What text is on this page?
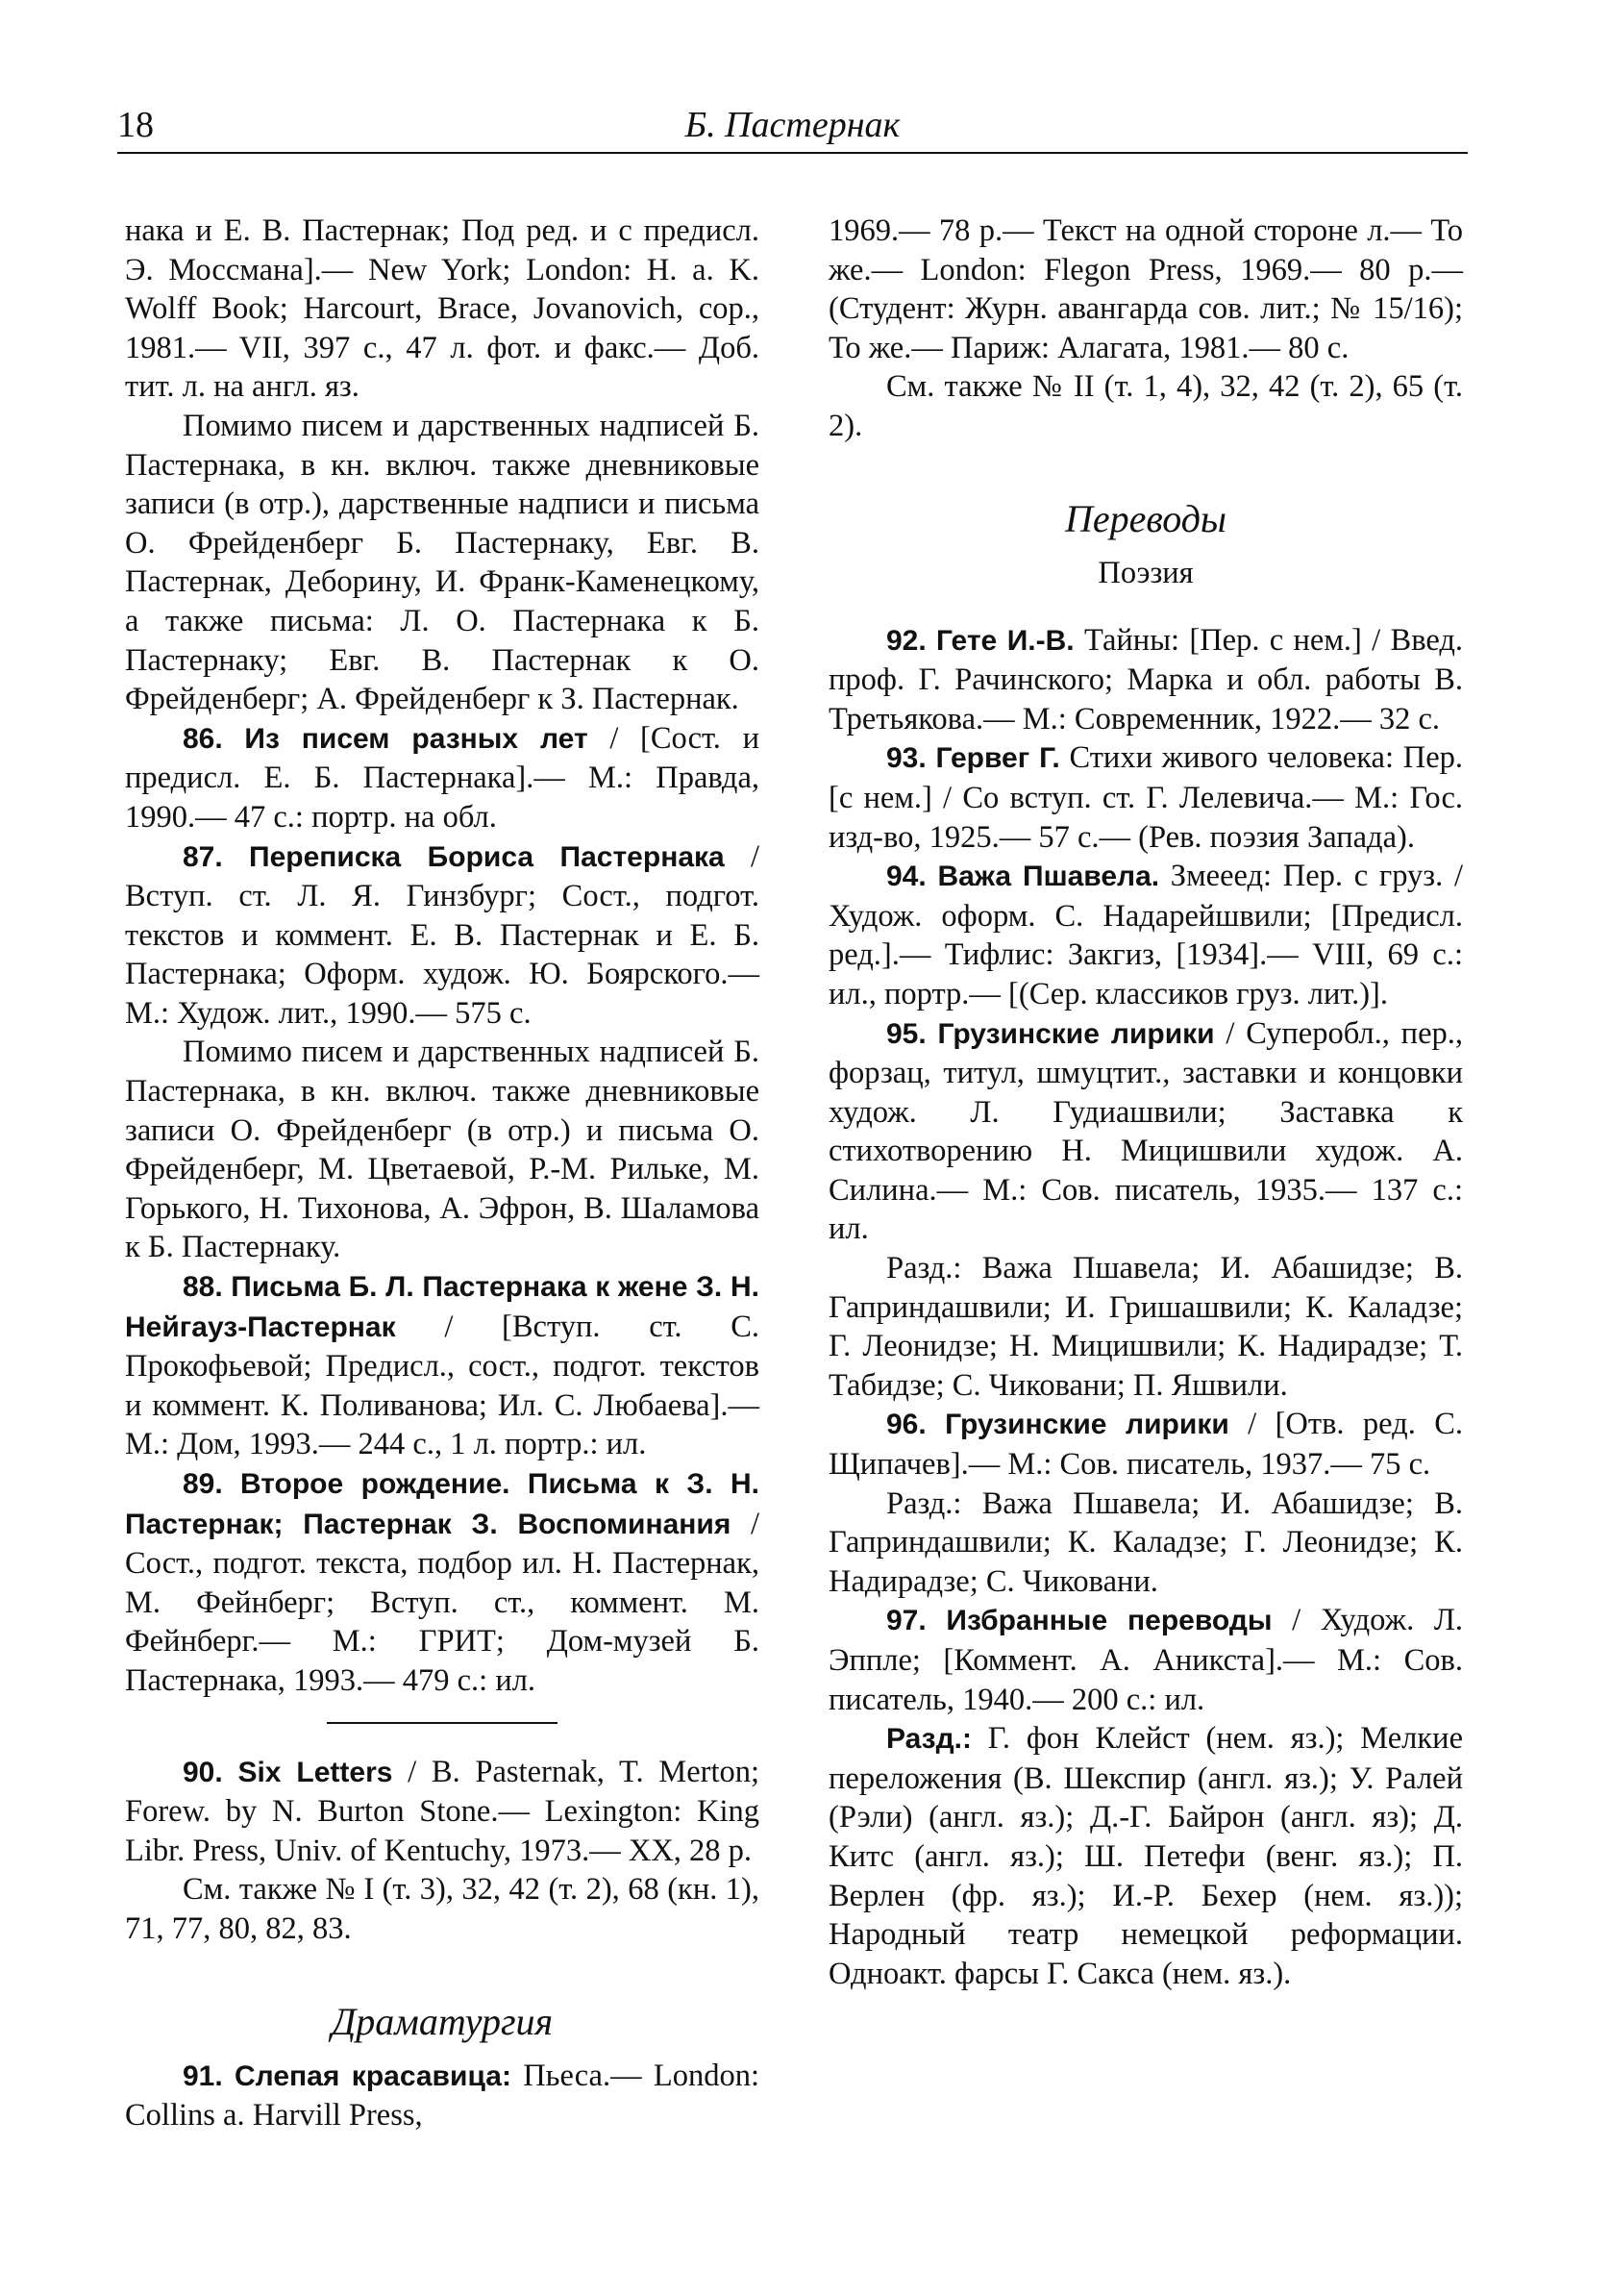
18	Б. Пастернак

нака и Е. В. Пастернак; Под ред. и с предисл. Э. Моссмана].— New York; London: H. a. K. Wolff Book; Harcourt, Brace, Jovanovich, cop., 1981.— VII, 397 с., 47 л. фот. и факс.— Доб. тит. л. на англ. яз.

Помимо писем и дарственных надписей Б. Пастернака, в кн. включ. также дневниковые записи (в отр.), дарственные надписи и письма О. Фрейденберг Б. Пастернаку, Евг. В. Пастернак, Деборину, И. Франк-Каменецкому, а также письма: Л. О. Пастернака к Б. Пастернаку; Евг. В. Пастернак к О. Фрейденберг; А. Фрейденберг к З. Пастернак.

86. Из писем разных лет / [Сост. и предисл. Е. Б. Пастернака].— М.: Правда, 1990.— 47 с.: портр. на обл.

87. Переписка Бориса Пастернака / Вступ. ст. Л. Я. Гинзбург; Сост., подгот. текстов и коммент. Е. В. Пастернак и Е. Б. Пастернака; Оформ. худож. Ю. Боярского.— М.: Худож. лит., 1990.— 575 с.

Помимо писем и дарственных надписей Б. Пастернака, в кн. включ. также дневниковые записи О. Фрейденберг (в отр.) и письма О. Фрейденберг, М. Цветаевой, Р.-М. Рильке, М. Горького, Н. Тихонова, А. Эфрон, В. Шаламова к Б. Пастернаку.

88. Письма Б. Л. Пастернака к жене З. Н. Нейгауз-Пастернак / [Вступ. ст. С. Прокофьевой; Предисл., сост., подгот. текстов и коммент. К. Поливанова; Ил. С. Любаева].— М.: Дом, 1993.— 244 с., 1 л. портр.: ил.

89. Второе рождение. Письма к З. Н. Пастернак; Пастернак З. Воспоминания / Сост., подгот. текста, подбор ил. Н. Пастернак, М. Фейнберг; Вступ. ст., коммент. М. Фейнберг.— М.: ГРИТ; Дом-музей Б. Пастернака, 1993.— 479 с.: ил.

90. Six Letters / B. Pasternak, T. Merton; Forew. by N. Burton Stone.— Lexington: King Libr. Press, Univ. of Kentuchy, 1973.— XX, 28 p.

См. также № I (т. 3), 32, 42 (т. 2), 68 (кн. 1), 71, 77, 80, 82, 83.

Драматургия

91. Слепая красавица: Пьеса.— London: Collins a. Harvill Press,

1969.— 78 p.— Текст на одной стороне л.— То же.— London: Flegon Press, 1969.— 80 p.— (Студент: Журн. авангарда сов. лит.; № 15/16); То же.— Париж: Алагата, 1981.— 80 с.

См. также № II (т. 1, 4), 32, 42 (т. 2), 65 (т. 2).

Переводы
Поэзия

92. Гете И.-В. Тайны: [Пер. с нем.] / Введ. проф. Г. Рачинского; Марка и обл. работы В. Третьякова.— М.: Современник, 1922.— 32 с.

93. Гервег Г. Стихи живого человека: Пер. [с нем.] / Со вступ. ст. Г. Лелевича.— М.: Гос. изд-во, 1925.— 57 с.— (Рев. поэзия Запада).

94. Важа Пшавела. Змееед: Пер. с груз. / Худож. оформ. С. Надарейшвили; [Предисл. ред.].— Тифлис: Закгиз, [1934].— VIII, 69 с.: ил., портр.— [(Сер. классиков груз. лит.)].

95. Грузинские лирики / Суперобл., пер., форзац, титул, шмуцтит., заставки и концовки худож. Л. Гудиашвили; Заставка к стихотворению Н. Мицишвили худож. А. Силина.— М.: Сов. писатель, 1935.— 137 с.: ил.

Разд.: Важа Пшавела; И. Абашидзе; В. Гаприндашвили; И. Гришашвили; К. Каладзе; Г. Леонидзе; Н. Мицишвили; К. Надирадзе; Т. Табидзе; С. Чиковани; П. Яшвили.

96. Грузинские лирики / [Отв. ред. С. Щипачев].— М.: Сов. писатель, 1937.— 75 с.

Разд.: Важа Пшавела; И. Абашидзе; В. Гаприндашвили; К. Каладзе; Г. Леонидзе; К. Надирадзе; С. Чиковани.

97. Избранные переводы / Худож. Л. Эппле; [Коммент. А. Аникста].— М.: Сов. писатель, 1940.— 200 с.: ил.

Разд.: Г. фон Клейст (нем. яз.); Мелкие переложения (В. Шекспир (англ. яз.); У. Ралей (Рэли) (англ. яз.); Д.-Г. Байрон (англ. яз); Д. Китс (англ. яз.); Ш. Петефи (венг. яз.); П. Верлен (фр. яз.); И.-Р. Бехер (нем. яз.)); Народный театр немецкой реформации. Одноакт. фарсы Г. Сакса (нем. яз.).
